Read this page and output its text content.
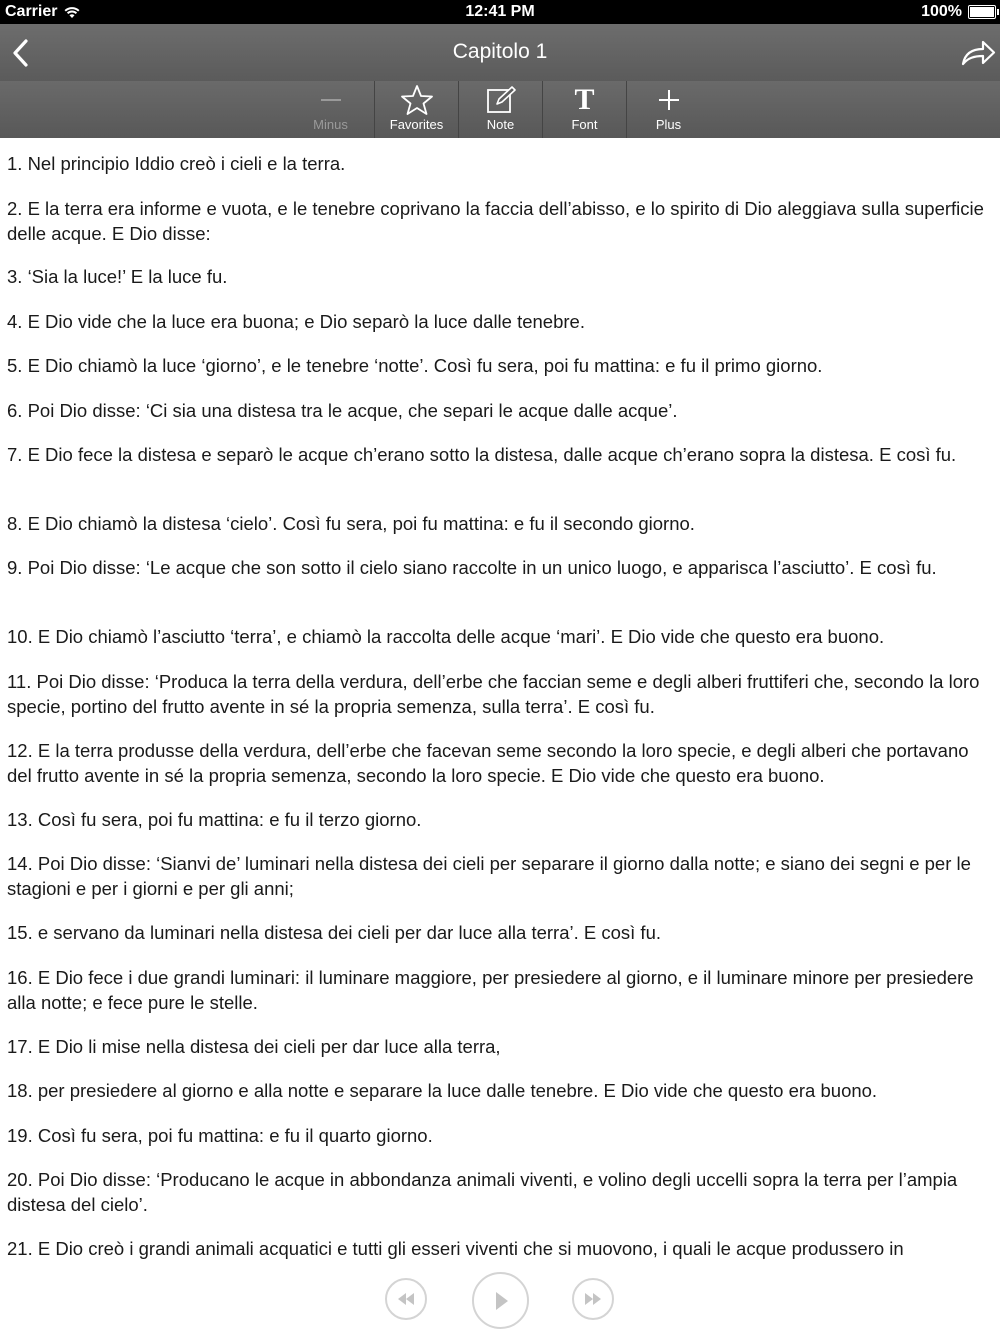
Carrier	12:41 PM	100%
Capitolo 1
Minus	Favorites	Note
T
Font	Plus

1. Nel principio Iddio creò i cieli e la terra.

2. E la terra era informe e vuota, e le tenebre coprivano la faccia dell’abisso, e lo spirito di Dio aleggiava sulla superficie delle acque. E Dio disse:

3. ‘Sia la luce!’ E la luce fu.

4. E Dio vide che la luce era buona; e Dio separò la luce dalle tenebre.

5. E Dio chiamò la luce ‘giorno’, e le tenebre ‘notte’. Così fu sera, poi fu mattina: e fu il primo giorno.

6. Poi Dio disse: ‘Ci sia una distesa tra le acque, che separi le acque dalle acque’.

7. E Dio fece la distesa e separò le acque ch’erano sotto la distesa, dalle acque ch’erano sopra la distesa. E così fu.

8. E Dio chiamò la distesa ‘cielo’. Così fu sera, poi fu mattina: e fu il secondo giorno.

9. Poi Dio disse: ‘Le acque che son sotto il cielo siano raccolte in un unico luogo, e apparisca l’asciutto’. E così fu.

10. E Dio chiamò l’asciutto ‘terra’, e chiamò la raccolta delle acque ‘mari’. E Dio vide che questo era buono.

11. Poi Dio disse: ‘Produca la terra della verdura, dell’erbe che faccian seme e degli alberi fruttiferi che, secondo la loro specie, portino del frutto avente in sé la propria semenza, sulla terra’. E così fu.

12. E la terra produsse della verdura, dell’erbe che facevan seme secondo la loro specie, e degli alberi che portavano del frutto avente in sé la propria semenza, secondo la loro specie. E Dio vide che questo era buono.

13. Così fu sera, poi fu mattina: e fu il terzo giorno.

14. Poi Dio disse: ‘Sianvi de’ luminari nella distesa dei cieli per separare il giorno dalla notte; e siano dei segni e per le stagioni e per i giorni e per gli anni;

15. e servano da luminari nella distesa dei cieli per dar luce alla terra’. E così fu.

16. E Dio fece i due grandi luminari: il luminare maggiore, per presiedere al giorno, e il luminare minore per presiedere alla notte; e fece pure le stelle.

17. E Dio li mise nella distesa dei cieli per dar luce alla terra,

18. per presiedere al giorno e alla notte e separare la luce dalle tenebre. E Dio vide che questo era buono.

19. Così fu sera, poi fu mattina: e fu il quarto giorno.

20. Poi Dio disse: ‘Producano le acque in abbondanza animali viventi, e volino degli uccelli sopra la terra per l’ampia distesa del cielo’.

21. E Dio creò i grandi animali acquatici e tutti gli esseri viventi che si muovono, i quali le acque produssero in
